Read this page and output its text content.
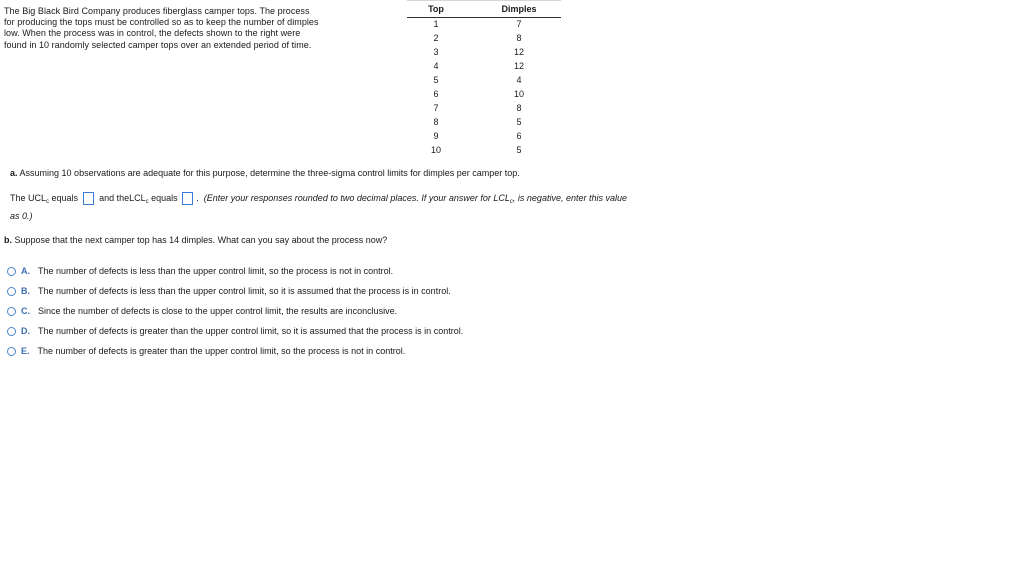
The Big Black Bird Company produces fiberglass camper tops. The process
for producing the tops must be controlled so as to keep the number of dimples
low. When the process was in control, the defects shown to the right were
found in 10 randomly selected camper tops over an extended period of time.
Top	Dimples
1	7
2	8
3	12
4	12
5	4
6	10
7	8
8	5
9	6
10	5
a. Assuming 10 observations are adequate for this purpose, determine the three-sigma control limits for dimples per camper top.
The $UCL_c$ equals and theLCL$_c$ equals . (Enter your responses rounded to two decimal places. If your answer for $LCL_c$, is negative, enter this value
as 0.)
b. Suppose that the next camper top has 14 dimples. What can you say about the process now?
A. The number of defects is less than the upper control limit, so the process is not in control.
B. The number of defects is less than the upper control limit, so it is assumed that the process is in control.
C. Since the number of defects is close to the upper control limit, the results are inconclusive.
D. The number of defects is greater than the upper control limit, so it is assumed that the process is in control.
E. The number of defects is greater than the upper control limit, so the process is not in control.
